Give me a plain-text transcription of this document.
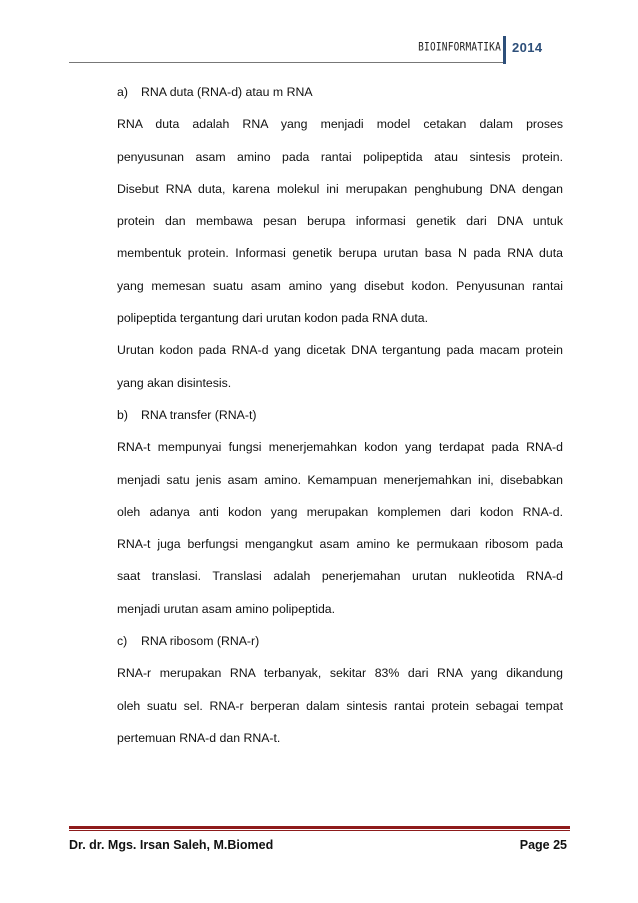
BIOINFORMATIKA 2014
a)	RNA duta (RNA-d) atau m RNA
RNA duta adalah RNA yang menjadi model cetakan dalam proses
penyusunan asam amino pada rantai polipeptida atau sintesis protein.
Disebut RNA duta, karena molekul ini merupakan penghubung DNA dengan
protein dan membawa pesan berupa informasi genetik dari DNA untuk
membentuk protein. Informasi genetik berupa urutan basa N pada RNA duta
yang memesan suatu asam amino yang disebut kodon. Penyusunan rantai
polipeptida tergantung dari urutan kodon pada RNA duta.
Urutan kodon pada RNA-d yang dicetak DNA tergantung pada macam protein
yang akan disintesis.
b)	RNA transfer (RNA-t)
RNA-t mempunyai fungsi menerjemahkan kodon yang terdapat pada RNA-d
menjadi satu jenis asam amino. Kemampuan menerjemahkan ini, disebabkan
oleh adanya anti kodon yang merupakan komplemen dari kodon RNA-d.
RNA-t juga berfungsi mengangkut asam amino ke permukaan ribosom pada
saat translasi. Translasi adalah penerjemahan urutan nukleotida RNA-d
menjadi urutan asam amino polipeptida.
c)	RNA ribosom (RNA-r)
RNA-r merupakan RNA terbanyak, sekitar 83% dari RNA yang dikandung
oleh suatu sel. RNA-r berperan dalam sintesis rantai protein sebagai tempat
pertemuan RNA-d dan RNA-t.
Dr. dr. Mgs. Irsan Saleh, M.Biomed	Page 25
